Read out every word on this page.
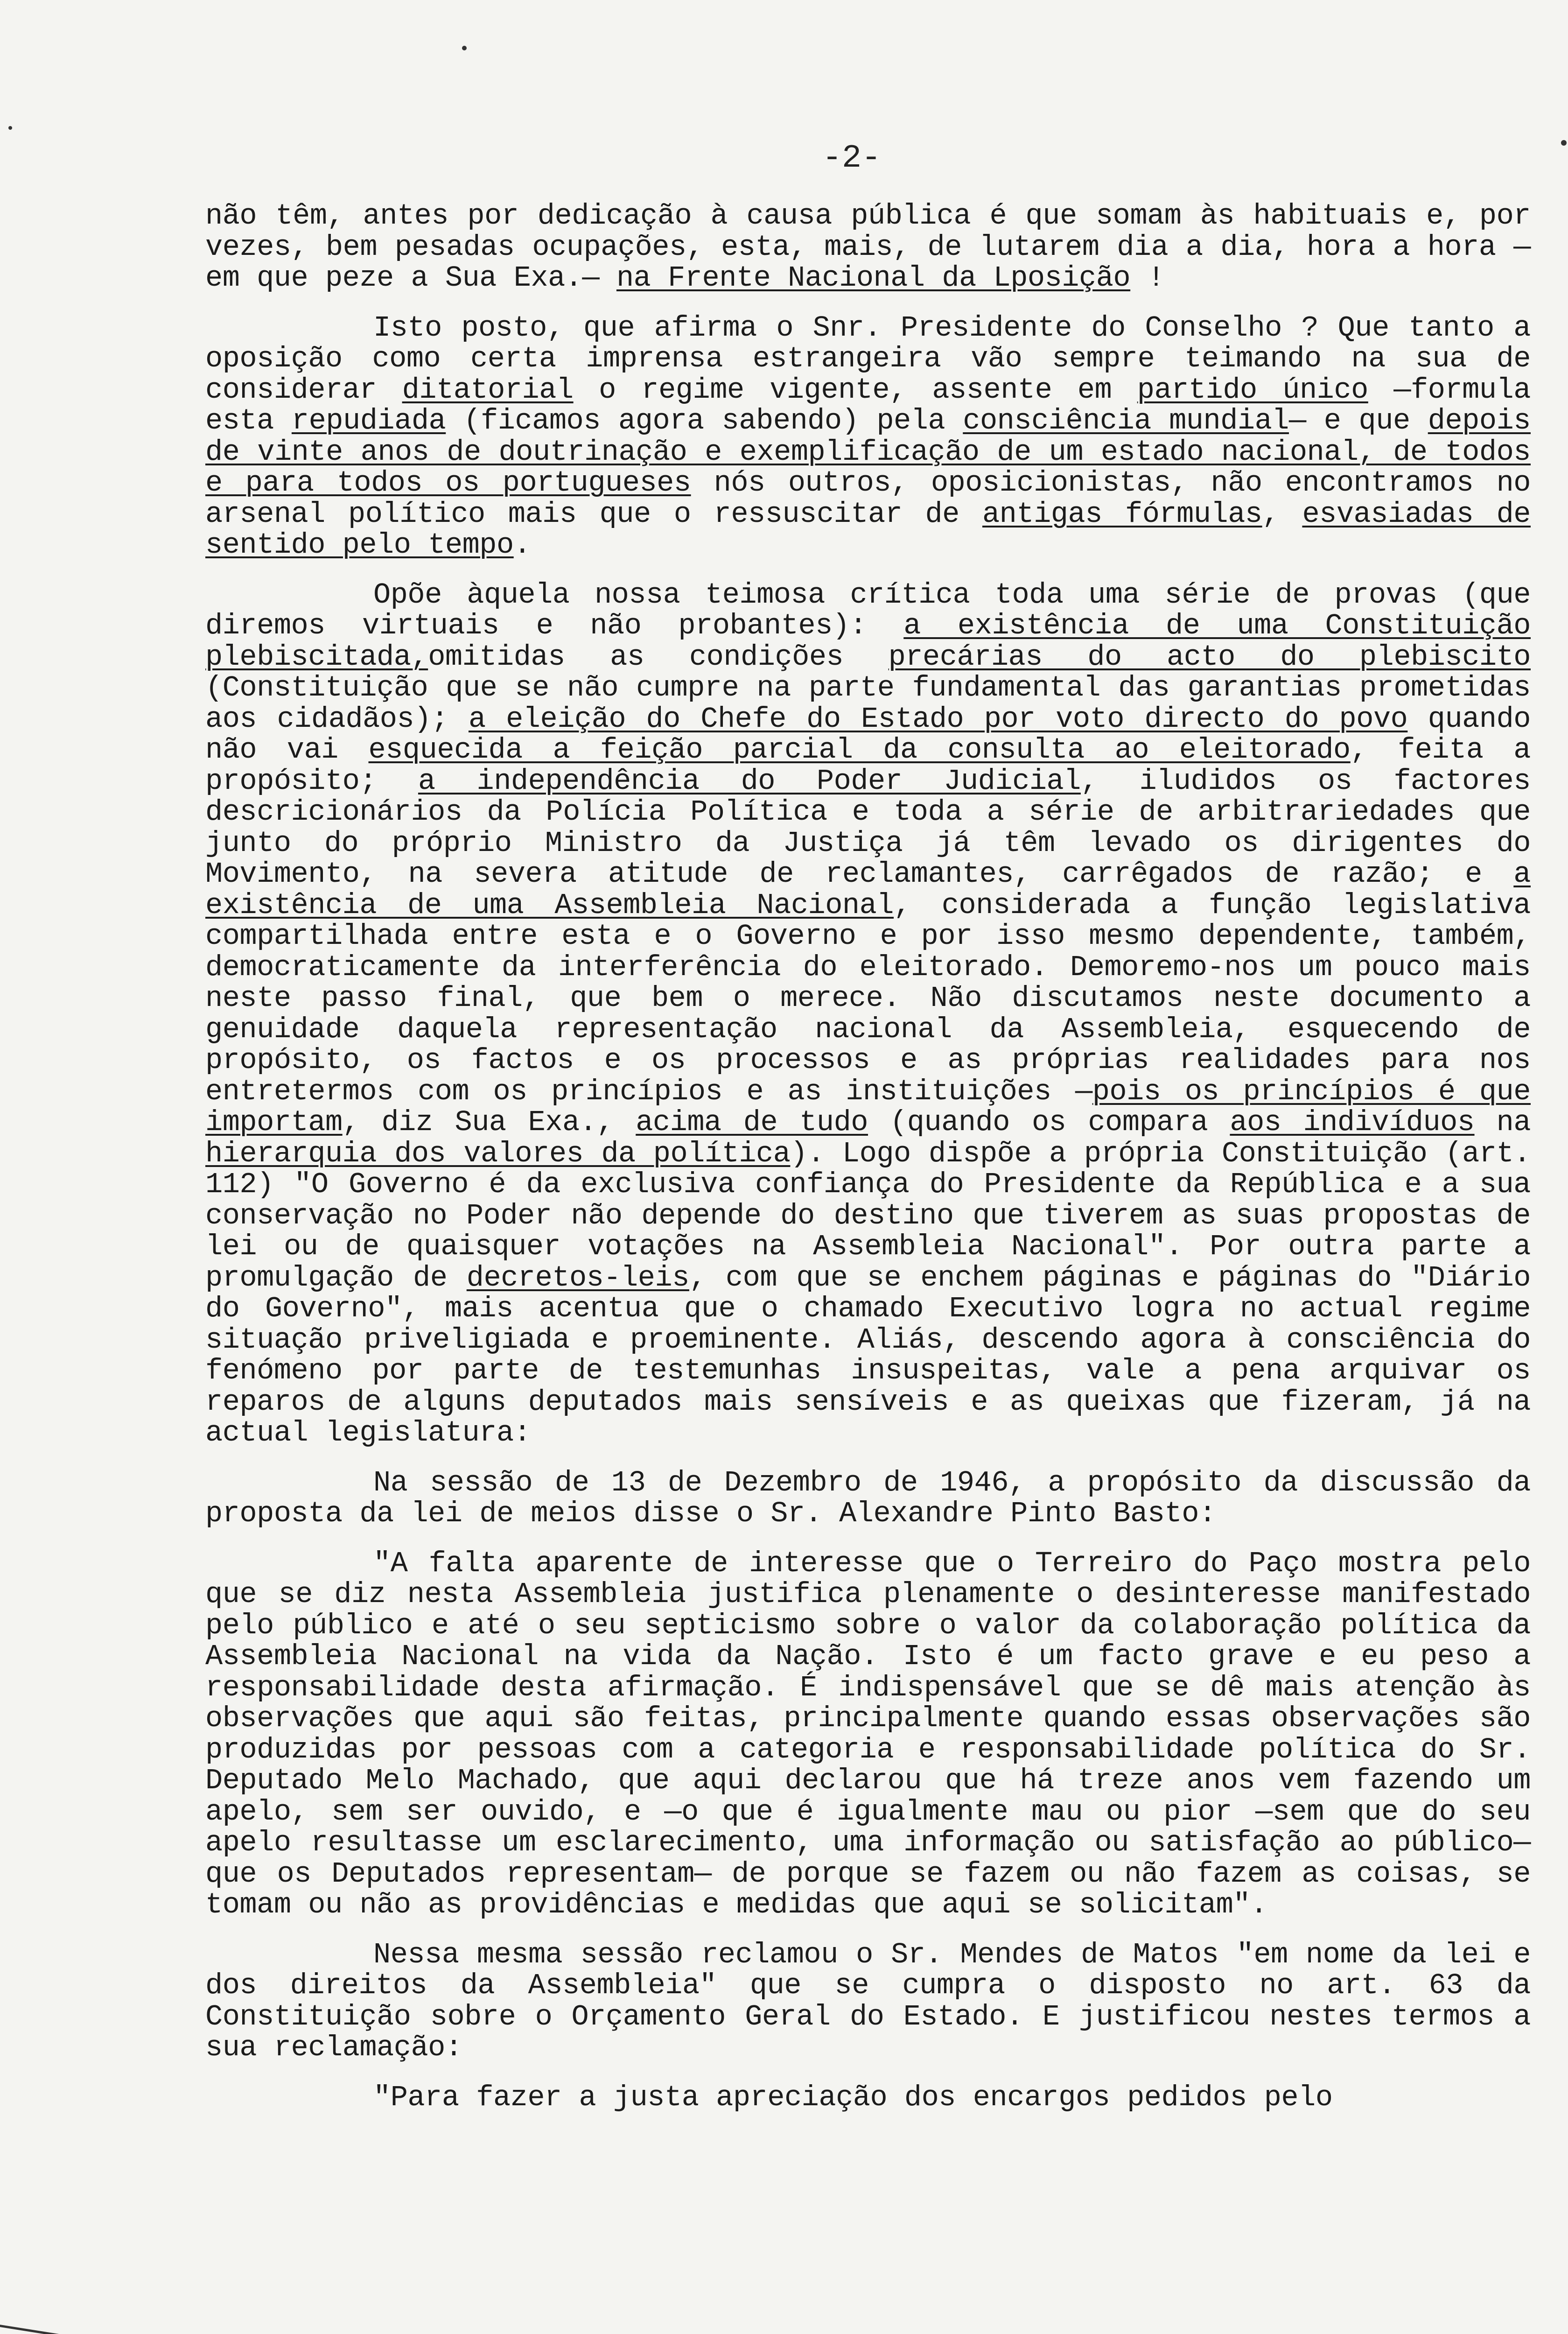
-2-

não têm, antes por dedicação à causa pública é que somam às habituais e, por vezes, bem pesadas ocupações, esta, mais, de lutarem dia a dia, hora a hora —em que peze a Sua Exa.— na Frente Nacional da Lposição !

Isto posto, que afirma o Snr. Presidente do Conselho ? Que tanto a oposição como certa imprensa estrangeira vão sempre teimando na sua de considerar ditatorial o regime vigente, assente em partido único —formula esta repudiada (ficamos agora sabendo) pela consciência mundial— e que depois de vinte anos de doutrinação e exemplificação de um estado nacional, de todos e para todos os portugueses nós outros, oposicionistas, não encontramos no arsenal político mais que o ressuscitar de antigas fórmulas, esvasiadas de sentido pelo tempo.

Opõe àquela nossa teimosa crítica toda uma série de provas (que diremos virtuais e não probantes): a existência de uma Constituição plebiscitada,omitidas as condições precárias do acto do plebiscito (Constituição que se não cumpre na parte fundamental das garantias prometidas aos cidadãos); a eleição do Chefe do Estado por voto directo do povo quando não vai esquecida a feição parcial da consulta ao eleitorado, feita a propósito; a independência do Poder Judicial, iludidos os factores descricionários da Polícia Política e toda a série de arbitrariedades que junto do próprio Ministro da Justiça já têm levado os dirigentes do Movimento, na severa atitude de reclamantes, carrêgados de razão; e a existência de uma Assembleia Nacional, considerada a função legislativa compartilhada entre esta e o Governo e por isso mesmo dependente, também, democraticamente da interferência do eleitorado. Demoremo-nos um pouco mais neste passo final, que bem o merece. Não discutamos neste documento a genuidade daquela representação nacional da Assembleia, esquecendo de propósito, os factos e os processos e as próprias realidades para nos entretermos com os princípios e as instituições —pois os princípios é que importam, diz Sua Exa., acima de tudo (quando os compara aos indivíduos na hierarquia dos valores da política). Logo dispõe a própria Constituição (art. 112) "O Governo é da exclusiva confiança do Presidente da República e a sua conservação no Poder não depende do destino que tiverem as suas propostas de lei ou de quaisquer votações na Assembleia Nacional". Por outra parte a promulgação de decretos-leis, com que se enchem páginas e páginas do "Diário do Governo", mais acentua que o chamado Executivo logra no actual regime situação priveligiada e proeminente. Aliás, descendo agora à consciência do fenómeno por parte de testemunhas insuspeitas, vale a pena arquivar os reparos de alguns deputados mais sensíveis e as queixas que fizeram, já na actual legislatura:

Na sessão de 13 de Dezembro de 1946, a propósito da discussão da proposta da lei de meios disse o Sr. Alexandre Pinto Basto:

"A falta aparente de interesse que o Terreiro do Paço mostra pelo que se diz nesta Assembleia justifica plenamente o desinteresse manifestado pelo público e até o seu septicismo sobre o valor da colaboração política da Assembleia Nacional na vida da Nação. Isto é um facto grave e eu peso a responsabilidade desta afirmação. É indispensável que se dê mais atenção às observações que aqui são feitas, principalmente quando essas observações são produzidas por pessoas com a categoria e responsabilidade política do Sr. Deputado Melo Machado, que aqui declarou que há treze anos vem fazendo um apelo, sem ser ouvido, e —o que é igualmente mau ou pior —sem que do seu apelo resultasse um esclarecimento, uma informação ou satisfação ao público— que os Deputados representam— de porque se fazem ou não fazem as coisas, se tomam ou não as providências e medidas que aqui se solicitam".

Nessa mesma sessão reclamou o Sr. Mendes de Matos "em nome da lei e dos direitos da Assembleia" que se cumpra o disposto no art. 63 da Constituição sobre o Orçamento Geral do Estado. E justificou nestes termos a sua reclamação:

"Para fazer a justa apreciação dos encargos pedidos pelo
